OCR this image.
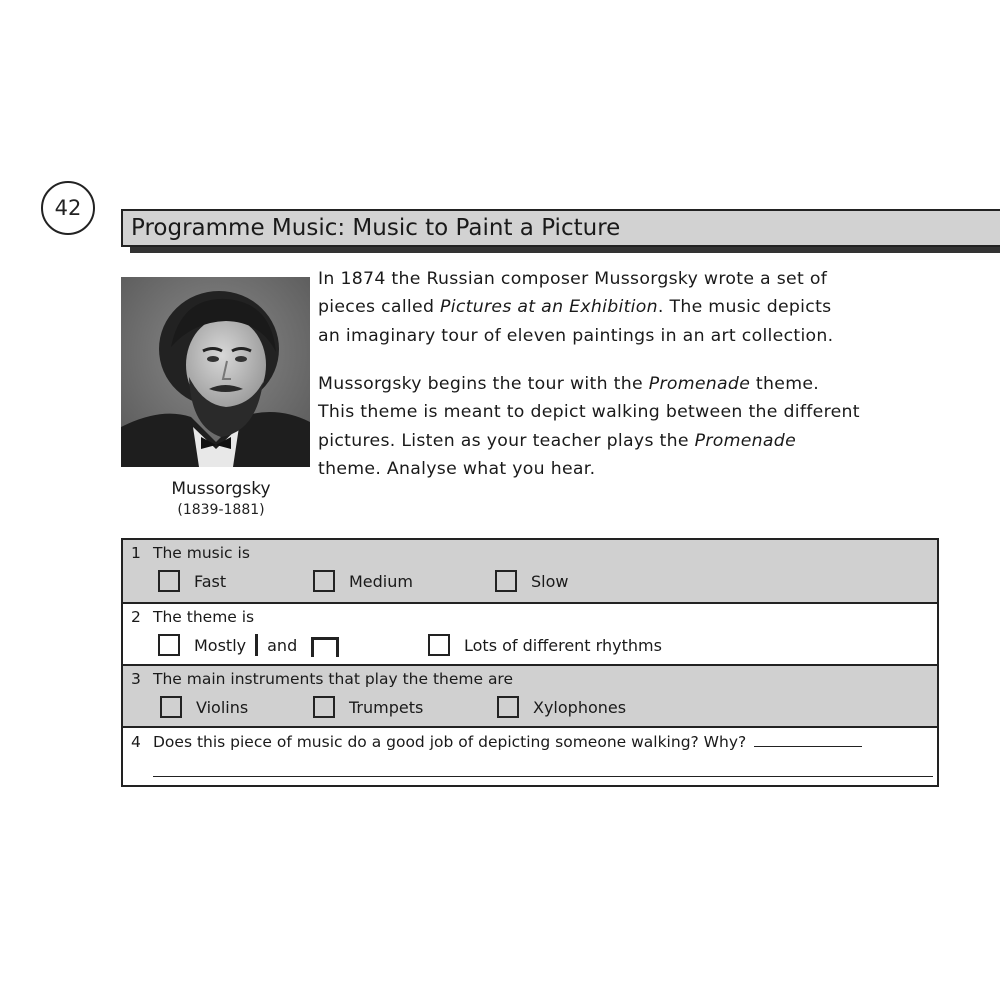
42
Programme Music: Music to Paint a Picture
Mussorgsky
(1839-1881)
In 1874 the Russian composer Mussorgsky wrote a set of
pieces called Pictures at an Exhibition. The music depicts
an imaginary tour of eleven paintings in an art collection.
Mussorgsky begins the tour with the Promenade theme.
This theme is meant to depict walking between the different
pictures. Listen as your teacher plays the Promenade
theme. Analyse what you hear.
1 The music is
Fast	Medium	Slow
2 The theme is
Mostly and	Lots of different rhythms
3 The main instruments that play the theme are
Violins	Trumpets	Xylophones
4 Does this piece of music do a good job of depicting someone walking? Why?
